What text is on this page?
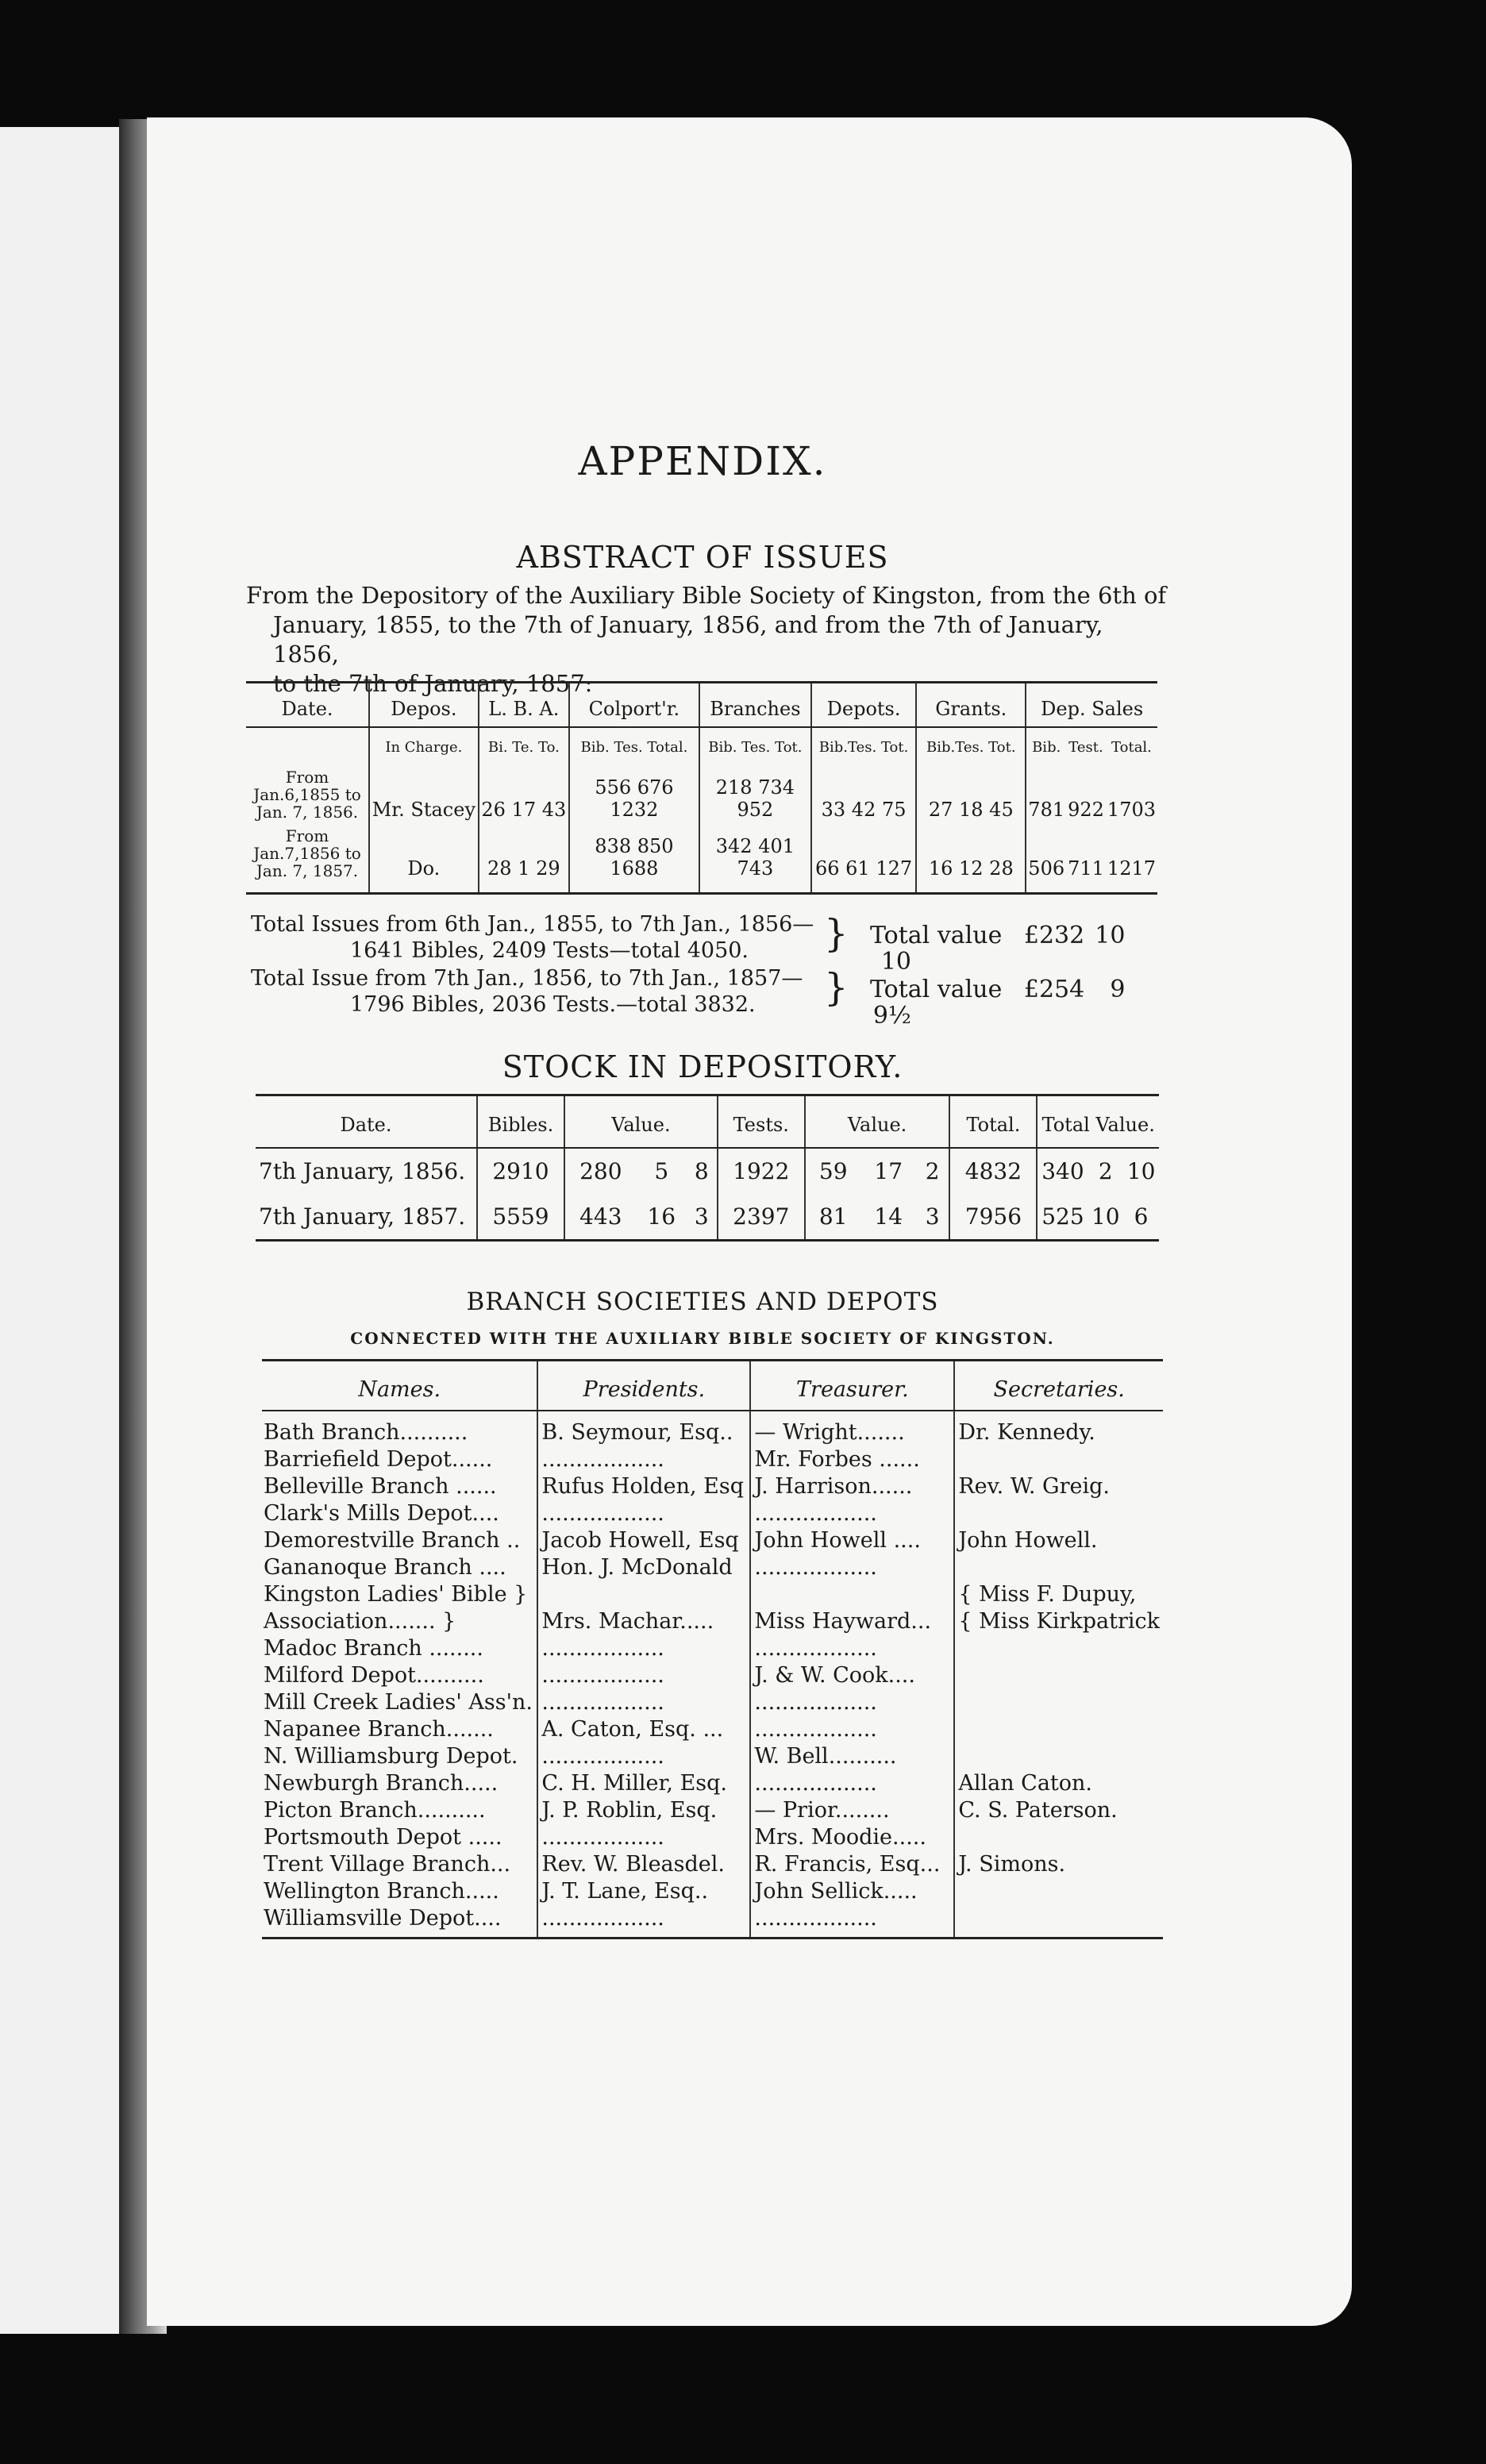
APPENDIX.
ABSTRACT OF ISSUES
From the Depository of the Auxiliary Bible Society of Kingston, from the 6th of
January, 1855, to the 7th of January, 1856, and from the 7th of January, 1856,
to the 7th of January, 1857:
Date.	Depos.	L. B. A.	Colport'r.	Branches	Depots.	Grants.	Dep. Sales		
	In Charge.	Bi. Te. To.	Bib. Tes. Total.	Bib. Tes. Tot.	Bib.Tes. Tot.	Bib.Tes. Tot.	Bib.	Test.	Total.

From
Jan.6,1855 to
Jan. 7, 1856.	Mr. Stacey	26 17 43	556 676 1232	218 734 952	33 42 75	27 18 45	781	922	1703

From
Jan.7,1856 to
Jan. 7, 1857.	Do.	28 1 29	838 850 1688	342 401 743	66 61 127	16 12 28	506	711	1217
Total Issues from 6th Jan., 1855, to 7th Jan., 1856—
1641 Bibles, 2409 Tests—total 4050.	} Total value £232 10 10
Total Issue from 7th Jan., 1856, to 7th Jan., 1857—
1796 Bibles, 2036 Tests.—total 3832.	} Total value £254 9 9½
STOCK IN DEPOSITORY.
Date.	Bibles.	Value.			Tests.	Value.			Total.	Total Value.		
7th January, 1856.	2910	280	5	8	1922	59	17	2	4832	340	2	10
7th January, 1857.	5559	443	16	3	2397	81	14	3	7956	525	10	6
BRANCH SOCIETIES AND DEPOTS
CONNECTED WITH THE AUXILIARY BIBLE SOCIETY OF KINGSTON.
Names.	Presidents.	Treasurer.	Secretaries.
Bath Branch..........	B. Seymour, Esq..	— Wright.......	Dr. Kennedy.
Barriefield Depot......	..................	Mr. Forbes ......	
Belleville Branch ......	Rufus Holden, Esq	J. Harrison......	Rev. W. Greig.
Clark's Mills Depot....	..................	..................	
Demorestville Branch ..	Jacob Howell, Esq	John Howell ....	John Howell.
Gananoque Branch ....	Hon. J. McDonald	..................	
Kingston Ladies' Bible }			{ Miss F. Dupuy,
Association....... }	Mrs. Machar.....	Miss Hayward...	{ Miss Kirkpatrick
Madoc Branch ........	..................	..................	
Milford Depot..........	..................	J. & W. Cook....	
Mill Creek Ladies' Ass'n.	..................	..................	
Napanee Branch.......	A. Caton, Esq. ...	..................	
N. Williamsburg Depot.	..................	W. Bell..........	
Newburgh Branch.....	C. H. Miller, Esq.	..................	Allan Caton.
Picton Branch..........	J. P. Roblin, Esq.	— Prior........	C. S. Paterson.
Portsmouth Depot .....	..................	Mrs. Moodie.....	
Trent Village Branch...	Rev. W. Bleasdel.	R. Francis, Esq...	J. Simons.
Wellington Branch.....	J. T. Lane, Esq..	John Sellick.....	
Williamsville Depot....	..................	..................	
